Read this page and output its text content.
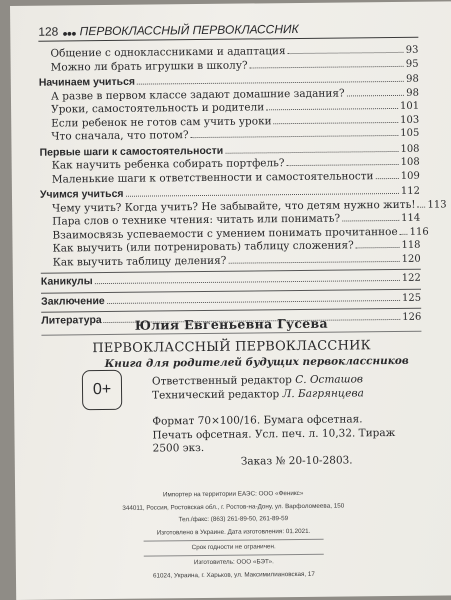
128 ●●● ПЕРВОКЛАССНЫЙ ПЕРВОКЛАССНИК
Общение с одноклассниками и адаптация	93
Можно ли брать игрушки в школу?	95
Начинаем учиться	98
А разве в первом классе задают домашние задания?	98
Уроки, самостоятельность и родители	101
Если ребенок не готов сам учить уроки	103
Что сначала, что потом?	105
Первые шаги к самостоятельности	108
Как научить ребенка собирать портфель?	108
Маленькие шаги к ответственности и самостоятельности	109
Учимся учиться	112
Чему учить? Когда учить? Не забывайте, что детям нужно жить! 113
Пара слов о технике чтения: читать или понимать?	114
Взаимосвязь успеваемости с умением понимать прочитанное 116
Как выучить (или потренировать) таблицу сложения?	118
Как выучить таблицу деления?	120
Каникулы	122
Заключение	125
Литература	126
Юлия Евгеньевна Гусева
ПЕРВОКЛАССНЫЙ ПЕРВОКЛАССНИК
Книга для родителей будущих первоклассников
0+
Ответственный редактор С. Осташов
Технический редактор Л. Багрянцева
Формат 70×100/16. Бумага офсетная.
Печать офсетная. Усл. печ. л. 10,32. Тираж 2500 экз.
Заказ № 20-10-2803.
Импортер на территории ЕАЭС: ООО «Феникс»
344011, Россия, Ростовская обл., г. Ростов-на-Дону, ул. Варфоломеева, 150
Тел./факс: (863) 261-89-50, 261-89-59
Изготовлено в Украине. Дата изготовления: 01.2021.
Срок годности не ограничен.
Изготовитель: ООО «БЭТ».
61024, Украина, г. Харьков, ул. Максимилиановская, 17
